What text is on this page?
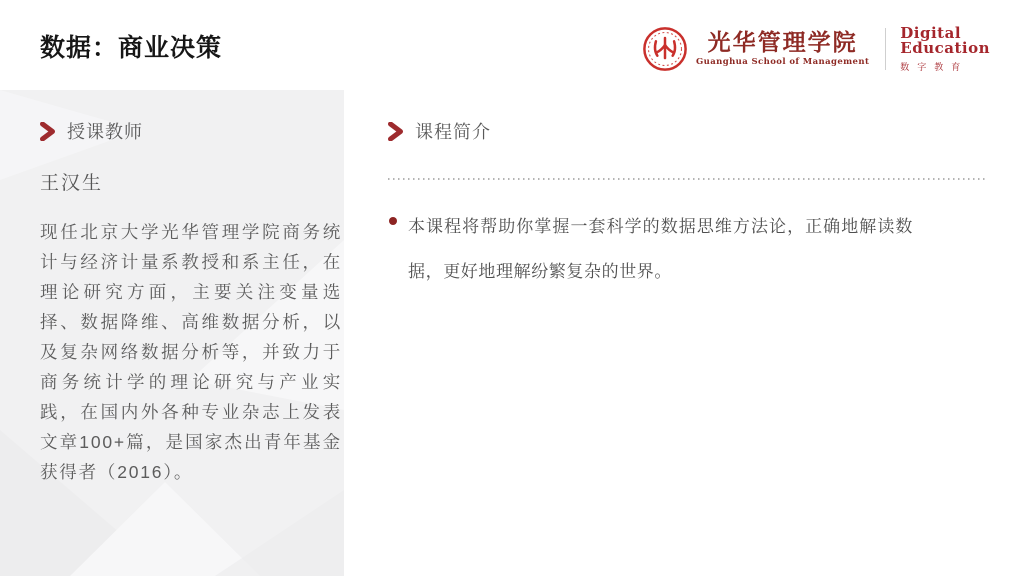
数据：商业决策	光华管理学院
Guanghua School of Management
Digital
Education
数字教育
授课教师
王汉生
现任北京大学光华管理学院商务统计与经济计量系教授和系主任，在理论研究方面，主要关注变量选择、数据降维、高维数据分析，以及复杂网络数据分析等，并致力于商务统计学的理论研究与产业实践，在国内外各种专业杂志上发表文章100+篇，是国家杰出青年基金获得者（2016）。
课程简介
本课程将帮助你掌握一套科学的数据思维方法论，正确地解读数据，更好地理解纷繁复杂的世界。
